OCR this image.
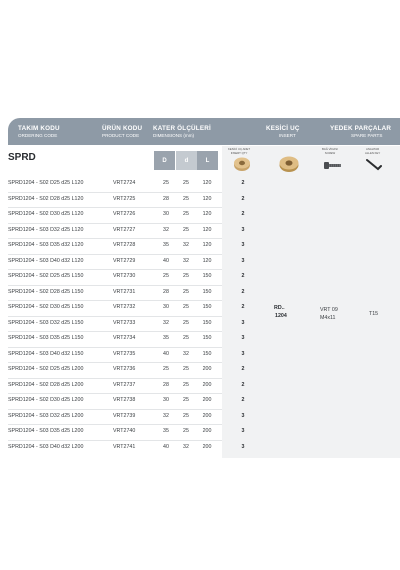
TAKIM KODU
ORDERING CODE
ÜRÜN KODU
PRODUCT CODE
KATER ÖLÇÜLERİ
DIMENSIONS (mm)
KESİCİ UÇ
INSERT
YEDEK PARÇALAR
SPARE PARTS
SPRD	D	d	L
KESİCİ UÇ ADET
INSERT QTY
BAĞ VİDASI
SCREW
ANAHTAR
ALLEN KEY
SPRD1204 - S02 D25 d25 L120	VRT2724	25	25	120	2
SPRD1204 - S02 D28 d25 L120	VRT2725	28	25	120	2
SPRD1204 - S02 D30 d25 L120	VRT2726	30	25	120	2
SPRD1204 - S03 D32 d25 L120	VRT2727	32	25	120	3
SPRD1204 - S03 D35 d32 L120	VRT2728	35	32	120	3
SPRD1204 - S03 D40 d32 L120	VRT2729	40	32	120	3
SPRD1204 - S02 D25 d25 L150	VRT2730	25	25	150	2
SPRD1204 - S02 D28 d25 L150	VRT2731	28	25	150	2
SPRD1204 - S02 D30 d25 L150	VRT2732	30	25	150	2
SPRD1204 - S03 D32 d25 L150	VRT2733	32	25	150	3
SPRD1204 - S03 D35 d25 L150	VRT2734	35	25	150	3
SPRD1204 - S03 D40 d32 L150	VRT2735	40	32	150	3
SPRD1204 - S02 D25 d25 L200	VRT2736	25	25	200	2
SPRD1204 - S02 D28 d25 L200	VRT2737	28	25	200	2
SPRD1204 - S02 D30 d25 L200	VRT2738	30	25	200	2
SPRD1204 - S03 D32 d25 L200	VRT2739	32	25	200	3
SPRD1204 - S03 D35 d25 L200	VRT2740	35	25	200	3
SPRD1204 - S03 D40 d32 L200	VRT2741	40	32	200	3
RD..
1204
VRT 09
M4x11
T15
